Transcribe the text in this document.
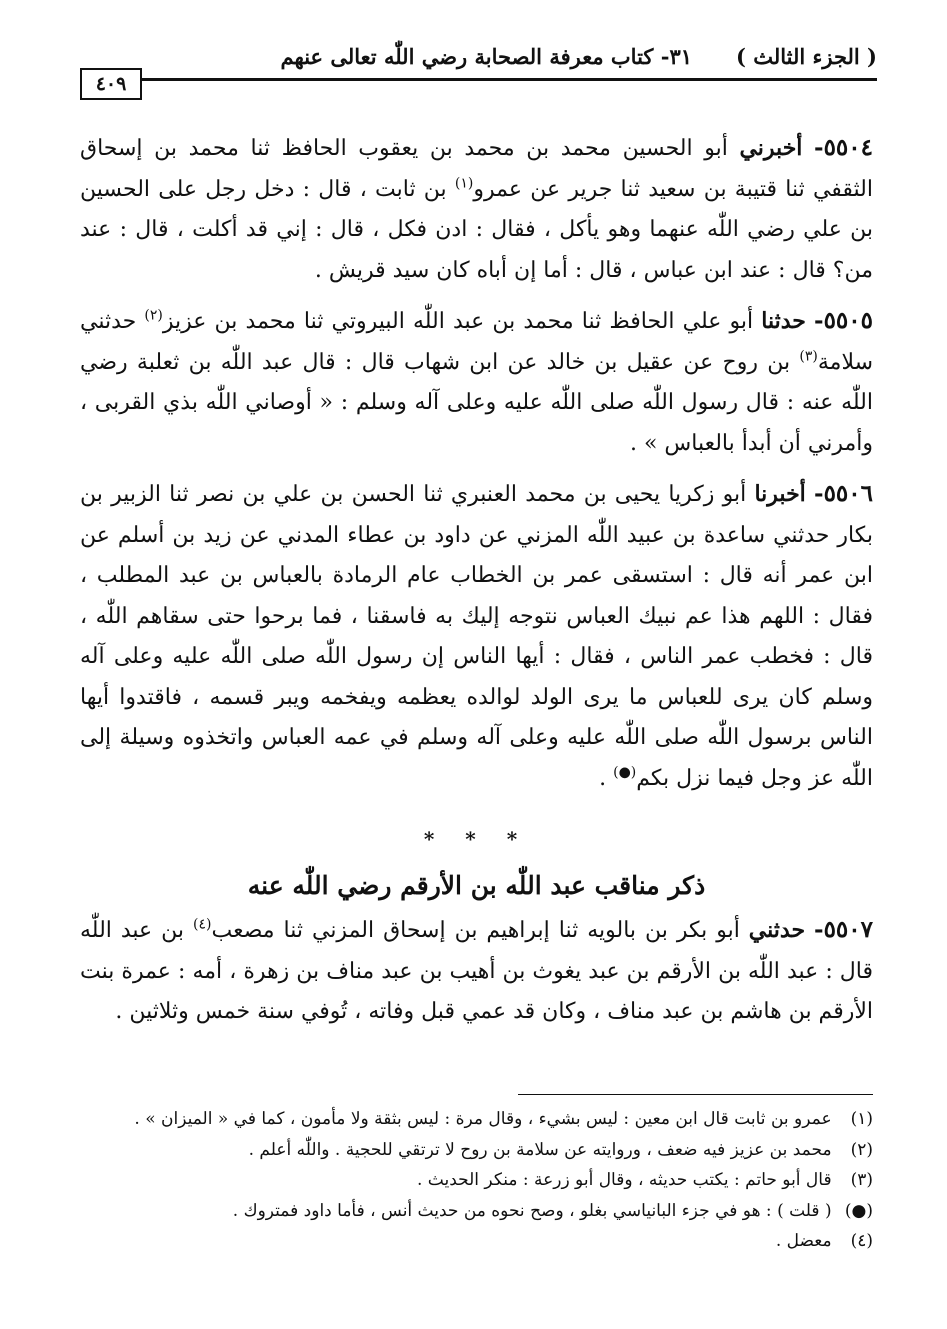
( الجزء الثالث )
٣١- كتاب معرفة الصحابة رضي اللّٰه تعالى عنهم
٤٠٩

٥٥٠٤- أخبرني أبو الحسين محمد بن محمد بن يعقوب الحافظ ثنا محمد بن إسحاق الثقفي ثنا قتيبة بن سعيد ثنا جرير عن عمرو$^{(١)}$ بن ثابت ، قال : دخل رجل على الحسين بن علي رضي اللّٰه عنهما وهو يأكل ، فقال : ادن فكل ، قال : إني قد أكلت ، قال : عند من؟ قال : عند ابن عباس ، قال : أما إن أباه كان سيد قريش .

٥٥٠٥- حدثنا أبو علي الحافظ ثنا محمد بن عبد اللّٰه البيروتي ثنا محمد بن عزيز$^{(٢)}$ حدثني سلامة$^{(٣)}$ بن روح عن عقيل بن خالد عن ابن شهاب قال : قال عبد اللّٰه بن ثعلبة رضي اللّٰه عنه : قال رسول اللّٰه صلى اللّٰه عليه وعلى آله وسلم : « أوصاني اللّٰه بذي القربى ، وأمرني أن أبدأ بالعباس » .

٥٥٠٦- أخبرنا أبو زكريا يحيى بن محمد العنبري ثنا الحسن بن علي بن نصر ثنا الزبير بن بكار حدثني ساعدة بن عبيد اللّٰه المزني عن داود بن عطاء المدني عن زيد بن أسلم عن ابن عمر أنه قال : استسقى عمر بن الخطاب عام الرمادة بالعباس بن عبد المطلب ، فقال : اللهم هذا عم نبيك العباس نتوجه إليك به فاسقنا ، فما برحوا حتى سقاهم اللّٰه ، قال : فخطب عمر الناس ، فقال : أيها الناس إن رسول اللّٰه صلى اللّٰه عليه وعلى آله وسلم كان يرى للعباس ما يرى الولد لوالده يعظمه ويفخمه ويبر قسمه ، فاقتدوا أيها الناس برسول اللّٰه صلى اللّٰه عليه وعلى آله وسلم في عمه العباس واتخذوه وسيلة إلى اللّٰه عز وجل فيما نزل بكم(●) .

* * *
ذكر مناقب عبد اللّٰه بن الأرقم رضي اللّٰه عنه

٥٥٠٧- حدثني أبو بكر بن بالويه ثنا إبراهيم بن إسحاق المزني ثنا مصعب$^{(٤)}$ بن عبد اللّٰه قال : عبد اللّٰه بن الأرقم بن عبد يغوث بن أهيب بن عبد مناف بن زهرة ، أمه : عمرة بنت الأرقم بن هاشم بن عبد مناف ، وكان قد عمي قبل وفاته ، تُوفي سنة خمس وثلاثين .

(١) عمرو بن ثابت قال ابن معين : ليس بشيء ، وقال مرة : ليس بثقة ولا مأمون ، كما في « الميزان » .
(٢) محمد بن عزيز فيه ضعف ، وروايته عن سلامة بن روح لا ترتقي للحجية . واللّٰه أعلم .
(٣) قال أبو حاتم : يكتب حديثه ، وقال أبو زرعة : منكر الحديث .
(●) ( قلت ) : هو في جزء البانياسي بغلو ، وصح نحوه من حديث أنس ، فأما داود فمتروك .
(٤) معضل .
